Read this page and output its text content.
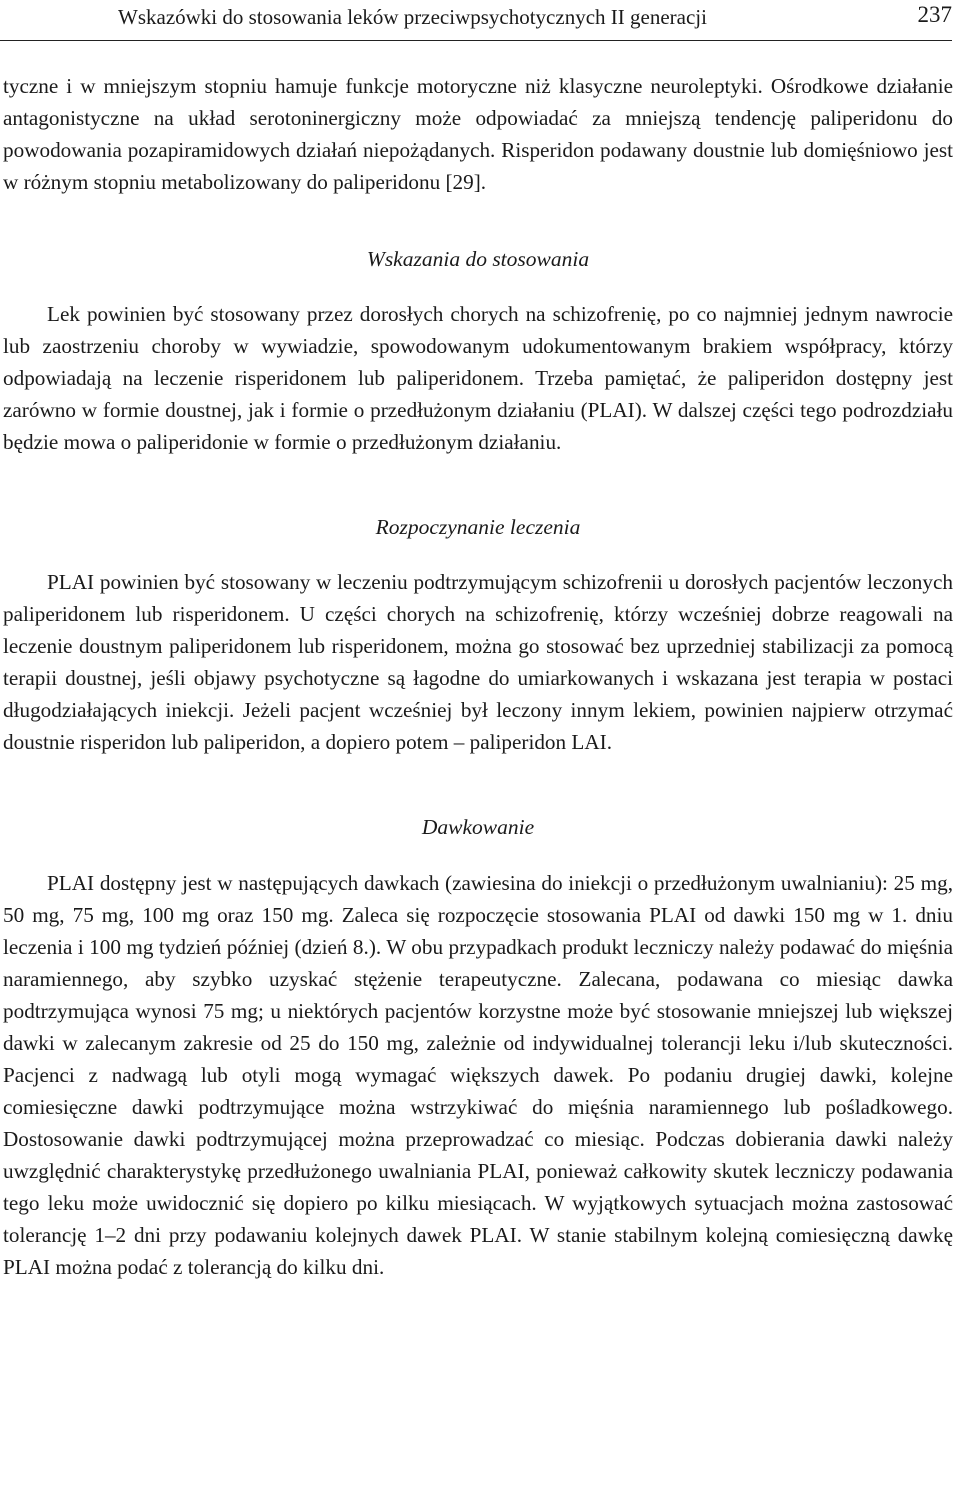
Wskazówki do stosowania leków przeciwpsychotycznych II generacji	237

tyczne i w mniejszym stopniu hamuje funkcje motoryczne niż klasyczne neuroleptyki. Ośrodkowe działanie antagonistyczne na układ serotoninergiczny może odpowiadać za mniejszą tendencję paliperidonu do powodowania pozapiramidowych działań niepożądanych. Risperidon podawany doustnie lub domięśniowo jest w różnym stopniu metabolizowany do paliperidonu [29].

Wskazania do stosowania

Lek powinien być stosowany przez dorosłych chorych na schizofrenię, po co najmniej jednym nawrocie lub zaostrzeniu choroby w wywiadzie, spowodowanym udokumentowanym brakiem współpracy, którzy odpowiadają na leczenie risperidonem lub paliperidonem. Trzeba pamiętać, że paliperidon dostępny jest zarówno w formie doustnej, jak i formie o przedłużonym działaniu (PLAI). W dalszej części tego podrozdziału będzie mowa o paliperidonie w formie o przedłużonym działaniu.

Rozpoczynanie leczenia

PLAI powinien być stosowany w leczeniu podtrzymującym schizofrenii u dorosłych pacjentów leczonych paliperidonem lub risperidonem. U części chorych na schizofrenię, którzy wcześniej dobrze reagowali na leczenie doustnym paliperidonem lub risperidonem, można go stosować bez uprzedniej stabilizacji za pomocą terapii doustnej, jeśli objawy psychotyczne są łagodne do umiarkowanych i wskazana jest terapia w postaci długodziałających iniekcji. Jeżeli pacjent wcześniej był leczony innym lekiem, powinien najpierw otrzymać doustnie risperidon lub paliperidon, a dopiero potem – paliperidon LAI.

Dawkowanie

PLAI dostępny jest w następujących dawkach (zawiesina do iniekcji o przedłużonym uwalnianiu): 25 mg, 50 mg, 75 mg, 100 mg oraz 150 mg. Zaleca się rozpoczęcie stosowania PLAI od dawki 150 mg w 1. dniu leczenia i 100 mg tydzień później (dzień 8.). W obu przypadkach produkt leczniczy należy podawać do mięśnia naramiennego, aby szybko uzyskać stężenie terapeutyczne. Zalecana, podawana co miesiąc dawka podtrzymująca wynosi 75 mg; u niektórych pacjentów korzystne może być stosowanie mniejszej lub większej dawki w zalecanym zakresie od 25 do 150 mg, zależnie od indywidualnej tolerancji leku i/lub skuteczności. Pacjenci z nadwagą lub otyli mogą wymagać większych dawek. Po podaniu drugiej dawki, kolejne comiesięczne dawki podtrzymujące można wstrzykiwać do mięśnia naramiennego lub pośladkowego. Dostosowanie dawki podtrzymującej można przeprowadzać co miesiąc. Podczas dobierania dawki należy uwzględnić charakterystykę przedłużonego uwalniania PLAI, ponieważ całkowity skutek leczniczy podawania tego leku może uwidocznić się dopiero po kilku miesiącach. W wyjątkowych sytuacjach można zastosować tolerancję 1–2 dni przy podawaniu kolejnych dawek PLAI. W stanie stabilnym kolejną comiesięczną dawkę PLAI można podać z tolerancją do kilku dni.
